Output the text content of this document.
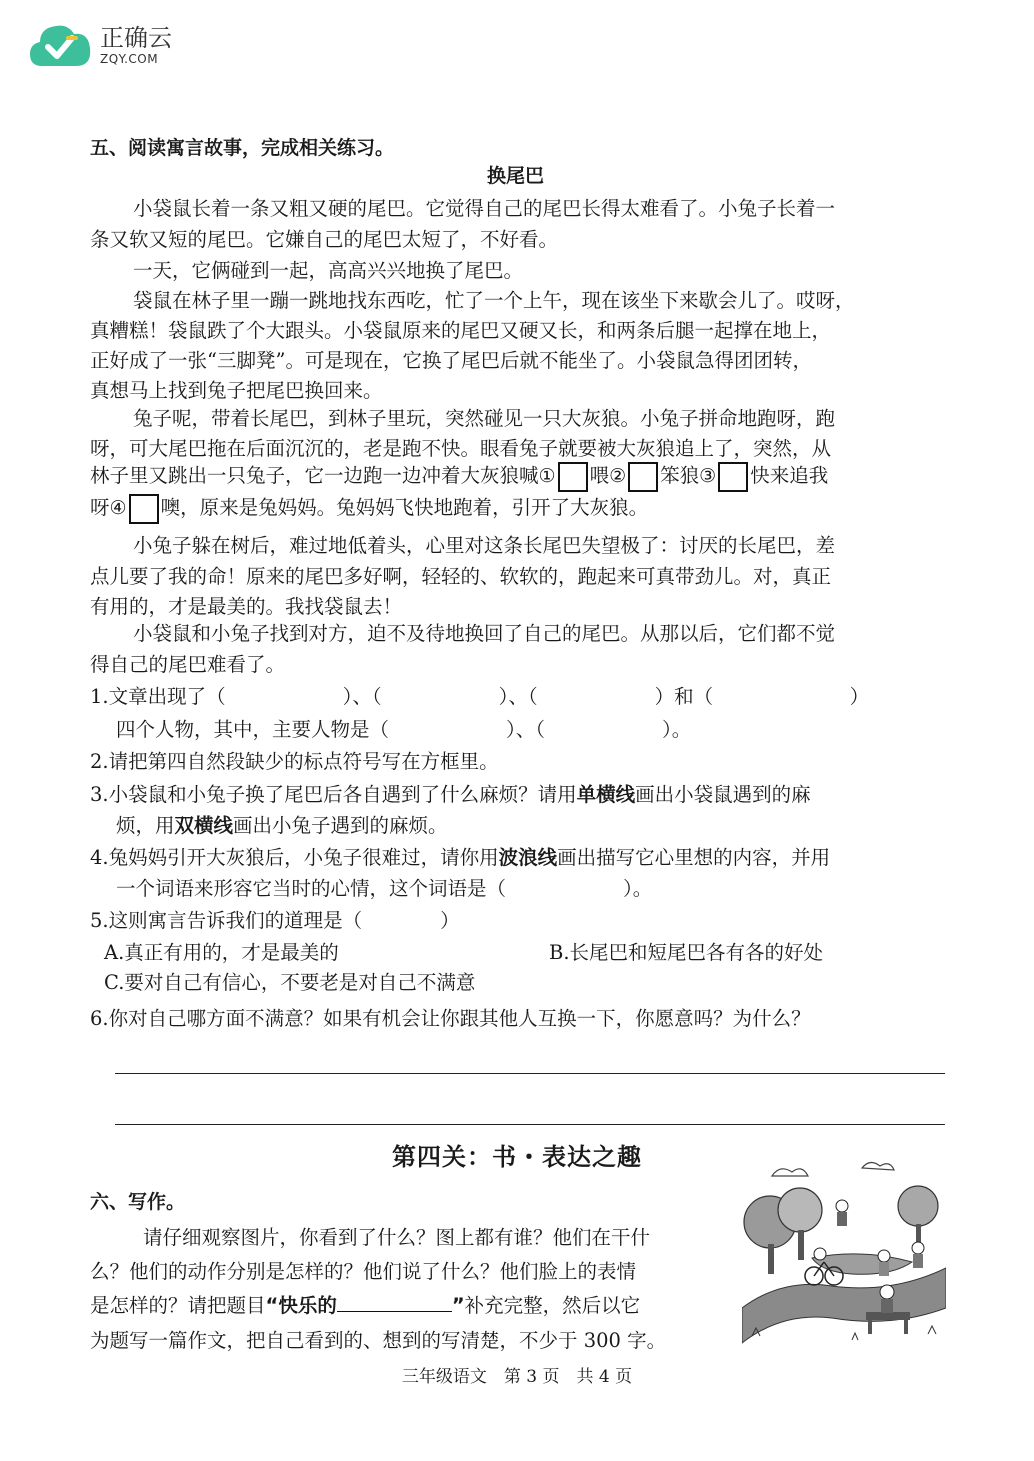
正确云
ZQY.COM
五、阅读寓言故事，完成相关练习。
换尾巴
小袋鼠长着一条又粗又硬的尾巴。它觉得自己的尾巴长得太难看了。小兔子长着一
条又软又短的尾巴。它嫌自己的尾巴太短了，不好看。
一天，它俩碰到一起，高高兴兴地换了尾巴。
袋鼠在林子里一蹦一跳地找东西吃，忙了一个上午，现在该坐下来歇会儿了。哎呀，
真糟糕！袋鼠跌了个大跟头。小袋鼠原来的尾巴又硬又长，和两条后腿一起撑在地上，
正好成了一张“三脚凳”。可是现在，它换了尾巴后就不能坐了。小袋鼠急得团团转，
真想马上找到兔子把尾巴换回来。
兔子呢，带着长尾巴，到林子里玩，突然碰见一只大灰狼。小兔子拼命地跑呀，跑
呀，可大尾巴拖在后面沉沉的，老是跑不快。眼看兔子就要被大灰狼追上了，突然，从
林子里又跳出一只兔子，它一边跑一边冲着大灰狼喊① 喂② 笨狼③ 快来追我
呀④ 噢，原来是兔妈妈。兔妈妈飞快地跑着，引开了大灰狼。
小兔子躲在树后，难过地低着头，心里对这条长尾巴失望极了：讨厌的长尾巴，差
点儿要了我的命！原来的尾巴多好啊，轻轻的、软软的，跑起来可真带劲儿。对，真正
有用的，才是最美的。我找袋鼠去！
小袋鼠和小兔子找到对方，迫不及待地换回了自己的尾巴。从那以后，它们都不觉
得自己的尾巴难看了。
1.文章出现了（　　　　　　）、（　　　　　　）、（　　　　　　）和（　　　　　　　）
四个人物，其中，主要人物是（　　　　　　）、（　　　　　　）。
2.请把第四自然段缺少的标点符号写在方框里。
3.小袋鼠和小兔子换了尾巴后各自遇到了什么麻烦？请用单横线画出小袋鼠遇到的麻
烦，用双横线画出小兔子遇到的麻烦。
4.兔妈妈引开大灰狼后，小兔子很难过，请你用波浪线画出描写它心里想的内容，并用
一个词语来形容它当时的心情，这个词语是（　　　　　　）。
5.这则寓言告诉我们的道理是（　　　　）
A.真正有用的，才是最美的	B.长尾巴和短尾巴各有各的好处
C.要对自己有信心，不要老是对自己不满意
6.你对自己哪方面不满意？如果有机会让你跟其他人互换一下，你愿意吗？为什么？
第四关：书・表达之趣
六、写作。
请仔细观察图片，你看到了什么？图上都有谁？他们在干什
么？他们的动作分别是怎样的？他们说了什么？他们脸上的表情
是怎样的？请把题目“快乐的	”补充完整，然后以它
为题写一篇作文，把自己看到的、想到的写清楚，不少于 300 字。
三年级语文　第 3 页　共 4 页
